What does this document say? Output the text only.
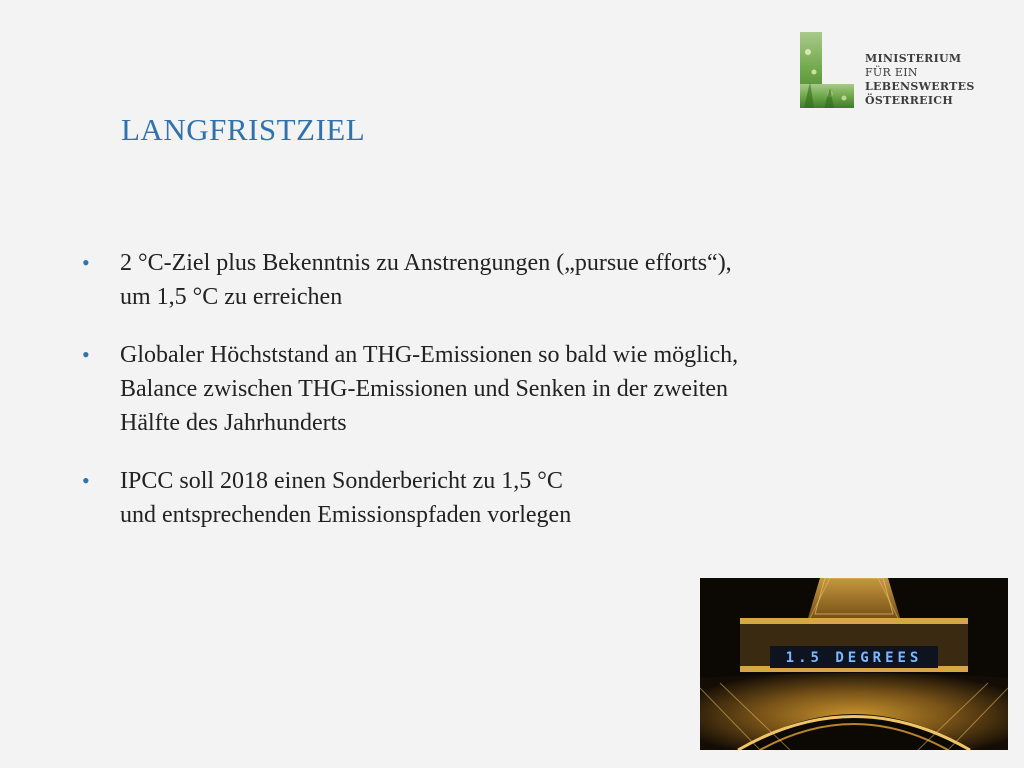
MINISTERIUM
FÜR EIN
LEBENSWERTES
ÖSTERREICH
LANGFRISTZIEL
• 2 °C-Ziel plus Bekenntnis zu Anstrengungen („pursue efforts“),
um 1,5 °C zu erreichen
• Globaler Höchststand an THG-Emissionen so bald wie möglich,
Balance zwischen THG-Emissionen und Senken in der zweiten
Hälfte des Jahrhunderts
• IPCC soll 2018 einen Sonderbericht zu 1,5 °C
und entsprechenden Emissionspfaden vorlegen
1.5 DEGREES
